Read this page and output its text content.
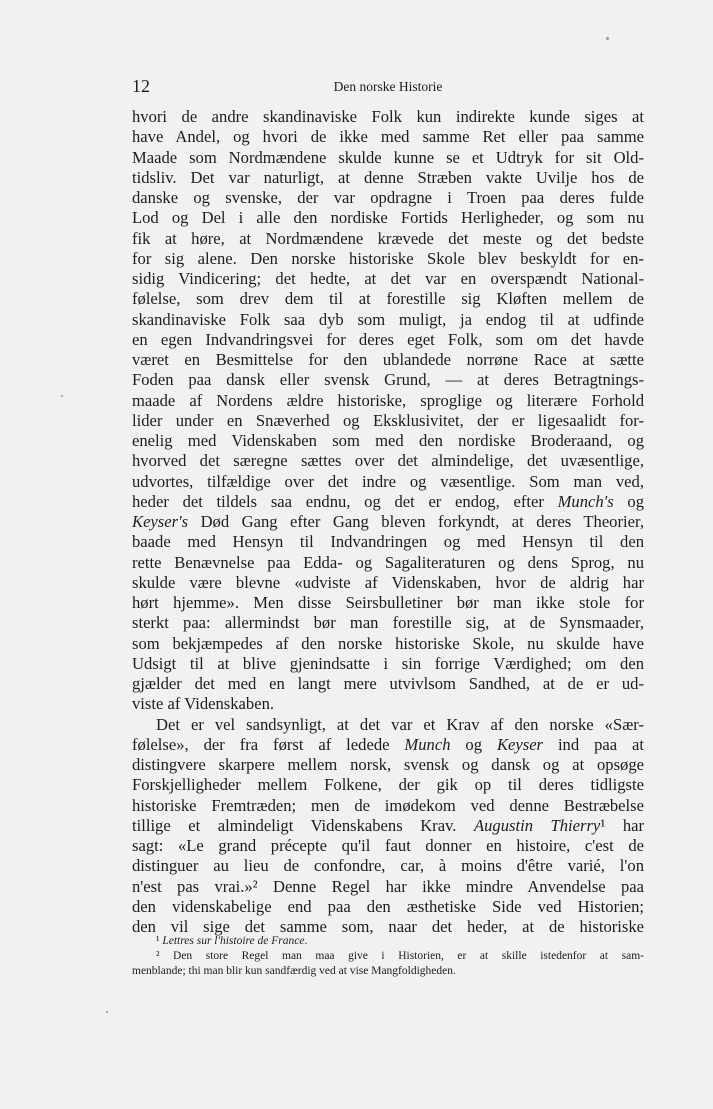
12	Den norske Historie
hvori de andre skandinaviske Folk kun indirekte kunde siges at
have Andel, og hvori de ikke med samme Ret eller paa samme
Maade som Nordmændene skulde kunne se et Udtryk for sit Old-
tidsliv. Det var naturligt, at denne Stræben vakte Uvilje hos de
danske og svenske, der var opdragne i Troen paa deres fulde
Lod og Del i alle den nordiske Fortids Herligheder, og som nu
fik at høre, at Nordmændene krævede det meste og det bedste
for sig alene. Den norske historiske Skole blev beskyldt for en-
sidig Vindicering; det hedte, at det var en overspændt National-
følelse, som drev dem til at forestille sig Kløften mellem de
skandinaviske Folk saa dyb som muligt, ja endog til at udfinde
en egen Indvandringsvei for deres eget Folk, som om det havde
været en Besmittelse for den ublandede norrøne Race at sætte
Foden paa dansk eller svensk Grund, — at deres Betragtnings-
maade af Nordens ældre historiske, sproglige og literære Forhold
lider under en Snæverhed og Eksklusivitet, der er ligesaalidt for-
enelig med Videnskaben som med den nordiske Broderaand, og
hvorved det særegne sættes over det almindelige, det uvæsentlige,
udvortes, tilfældige over det indre og væsentlige. Som man ved,
heder det tildels saa endnu, og det er endog, efter Munch's og
Keyser's Død Gang efter Gang bleven forkyndt, at deres Theorier,
baade med Hensyn til Indvandringen og med Hensyn til den
rette Benævnelse paa Edda- og Sagaliteraturen og dens Sprog, nu
skulde være blevne «udviste af Videnskaben, hvor de aldrig har
hørt hjemme». Men disse Seirsbulletiner bør man ikke stole for
sterkt paa: allermindst bør man forestille sig, at de Synsmaader,
som bekjæmpedes af den norske historiske Skole, nu skulde have
Udsigt til at blive gjenindsatte i sin forrige Værdighed; om den
gjælder det med en langt mere utvivlsom Sandhed, at de er ud-
viste af Videnskaben.
Det er vel sandsynligt, at det var et Krav af den norske «Sær-
følelse», der fra først af ledede Munch og Keyser ind paa at
distingvere skarpere mellem norsk, svensk og dansk og at opsøge
Forskjelligheder mellem Folkene, der gik op til deres tidligste
historiske Fremtræden; men de imødekom ved denne Bestræbelse
tillige et almindeligt Videnskabens Krav. Augustin Thierry¹ har
sagt: «Le grand précepte qu'il faut donner en histoire, c'est de
distinguer au lieu de confondre, car, à moins d'être varié, l'on
n'est pas vrai.»² Denne Regel har ikke mindre Anvendelse paa
den videnskabelige end paa den æsthetiske Side ved Historien;
den vil sige det samme som, naar det heder, at de historiske
¹ Lettres sur l'histoire de France.
² Den store Regel man maa give i Historien, er at skille istedenfor at sam-
menblande; thi man blir kun sandfærdig ved at vise Mangfoldigheden.
